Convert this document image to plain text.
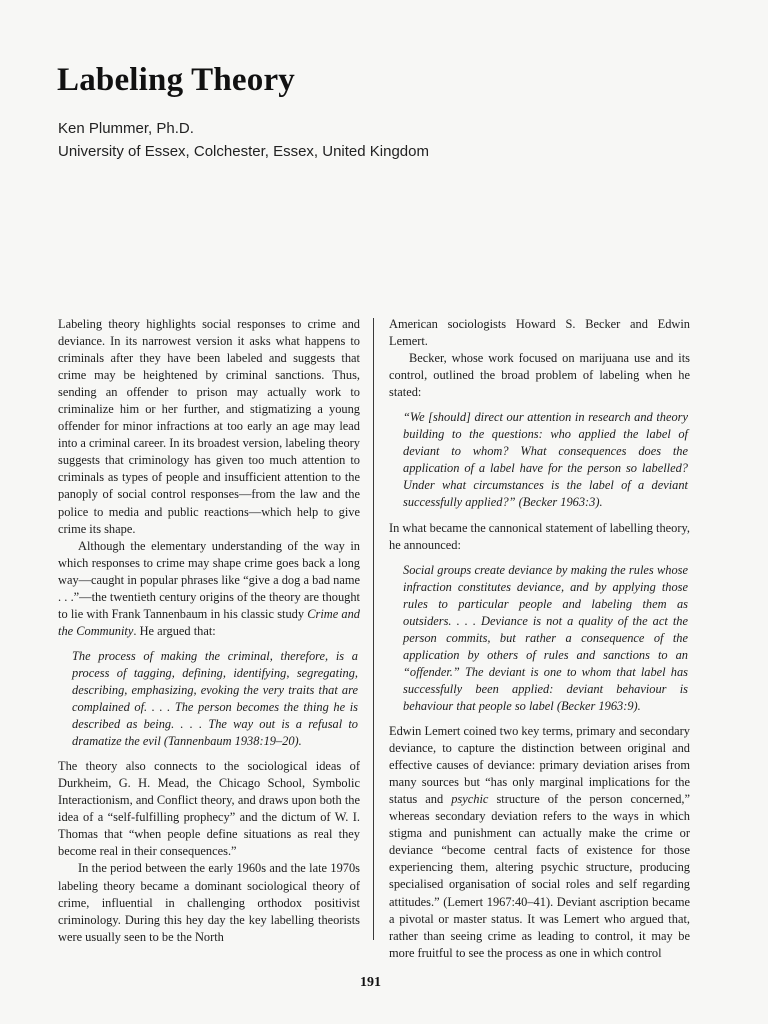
Labeling Theory
Ken Plummer, Ph.D.
University of Essex, Colchester, Essex, United Kingdom

Labeling theory highlights social responses to crime and deviance. In its narrowest version it asks what happens to criminals after they have been labeled and suggests that crime may be heightened by criminal sanctions. Thus, sending an offender to prison may actually work to criminalize him or her further, and stigmatizing a young offender for minor infractions at too early an age may lead into a criminal career. In its broadest version, labeling theory suggests that criminology has given too much attention to criminals as types of people and insufficient attention to the panoply of social control responses—from the law and the police to media and public reactions—which help to give crime its shape.

Although the elementary understanding of the way in which responses to crime may shape crime goes back a long way—caught in popular phrases like “give a dog a bad name . . .”—the twentieth century origins of the theory are thought to lie with Frank Tannenbaum in his classic study Crime and the Community. He argued that:

The process of making the criminal, therefore, is a process of tagging, defining, identifying, segregating, describing, emphasizing, evoking the very traits that are complained of. . . . The person becomes the thing he is described as being. . . . The way out is a refusal to dramatize the evil (Tannenbaum 1938:19–20).

The theory also connects to the sociological ideas of Durkheim, G. H. Mead, the Chicago School, Symbolic Interactionism, and Conflict theory, and draws upon both the idea of a “self-fulfilling prophecy” and the dictum of W. I. Thomas that “when people define situations as real they become real in their consequences.”

In the period between the early 1960s and the late 1970s labeling theory became a dominant sociological theory of crime, influential in challenging orthodox positivist criminology. During this hey day the key labelling theorists were usually seen to be the North

American sociologists Howard S. Becker and Edwin Lemert.

Becker, whose work focused on marijuana use and its control, outlined the broad problem of labeling when he stated:

“We [should] direct our attention in research and theory building to the questions: who applied the label of deviant to whom? What consequences does the application of a label have for the person so labelled? Under what circumstances is the label of a deviant successfully applied?” (Becker 1963:3).

In what became the cannonical statement of labelling theory, he announced:

Social groups create deviance by making the rules whose infraction constitutes deviance, and by applying those rules to particular people and labeling them as outsiders. . . . Deviance is not a quality of the act the person commits, but rather a consequence of the application by others of rules and sanctions to an “offender.” The deviant is one to whom that label has successfully been applied: deviant behaviour is behaviour that people so label (Becker 1963:9).

Edwin Lemert coined two key terms, primary and secondary deviance, to capture the distinction between original and effective causes of deviance: primary deviation arises from many sources but “has only marginal implications for the status and psychic structure of the person concerned,” whereas secondary deviation refers to the ways in which stigma and punishment can actually make the crime or deviance “become central facts of existence for those experiencing them, altering psychic structure, producing specialised organisation of social roles and self regarding attitudes.” (Lemert 1967:40–41). Deviant ascription became a pivotal or master status. It was Lemert who argued that, rather than seeing crime as leading to control, it may be more fruitful to see the process as one in which control

191
